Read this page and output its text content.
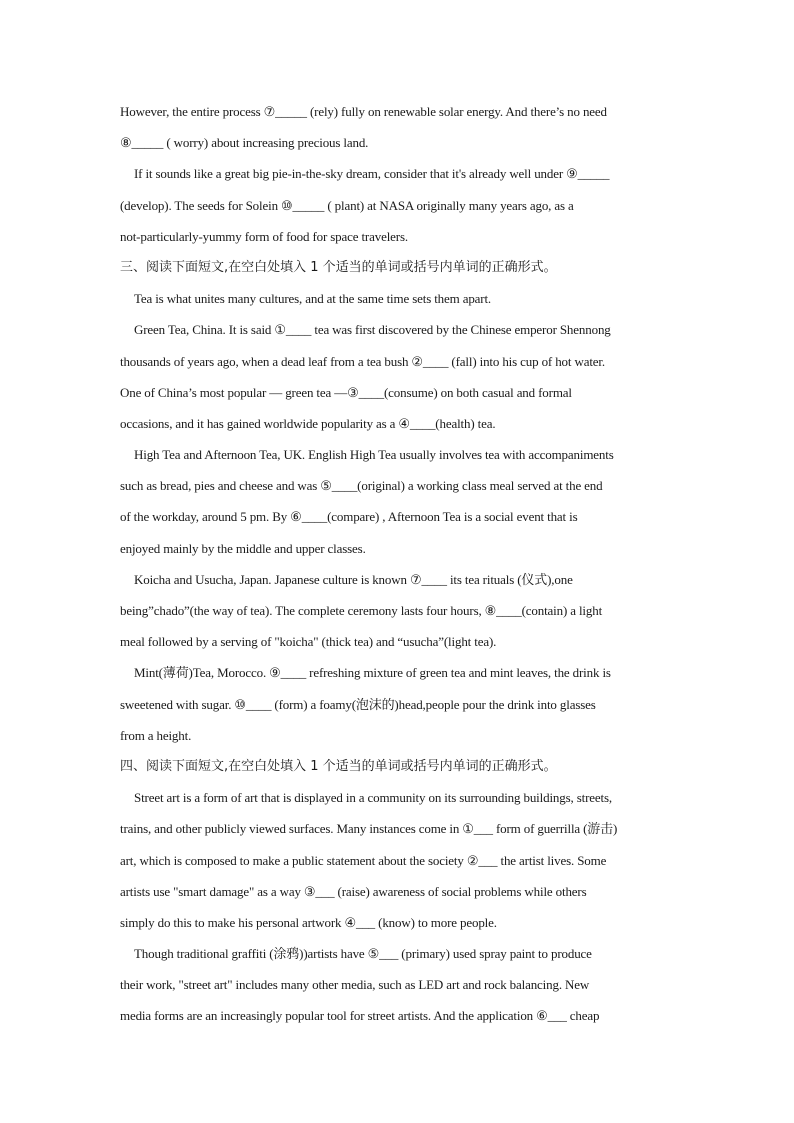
However, the entire process ⑦_____ (rely) fully on renewable solar energy. And there’s no need
⑧_____ ( worry) about increasing precious land.
If it sounds like a great big pie-in-the-sky dream, consider that it's already well under ⑨_____
(develop). The seeds for Solein ⑩_____ ( plant) at NASA originally many years ago, as a
not-particularly-yummy form of food for space travelers.
三、阅读下面短文,在空白处填入 1 个适当的单词或括号内单词的正确形式。
Tea is what unites many cultures, and at the same time sets them apart.
Green Tea, China. It is said ①____ tea was first discovered by the Chinese emperor Shennong
thousands of years ago, when a dead leaf from a tea bush ②____ (fall) into his cup of hot water.
One of China’s most popular — green tea —③____(consume) on both casual and formal
occasions, and it has gained worldwide popularity as a ④____(health) tea.
High Tea and Afternoon Tea, UK. English High Tea usually involves tea with accompaniments
such as bread, pies and cheese and was ⑤____(original) a working class meal served at the end
of the workday, around 5 pm. By ⑥____(compare) , Afternoon Tea is a social event that is
enjoyed mainly by the middle and upper classes.
Koicha and Usucha, Japan. Japanese culture is known ⑦____ its tea rituals (仪式),one
being”chado”(the way of tea). The complete ceremony lasts four hours, ⑧____(contain) a light
meal followed by a serving of "koicha" (thick tea) and “usucha”(light tea).
Mint(薄荷)Tea, Morocco. ⑨____ refreshing mixture of green tea and mint leaves, the drink is
sweetened with sugar. ⑩____ (form) a foamy(泡沫的)head,people pour the drink into glasses
from a height.
四、阅读下面短文,在空白处填入 1 个适当的单词或括号内单词的正确形式。
Street art is a form of art that is displayed in a community on its surrounding buildings, streets,
trains, and other publicly viewed surfaces. Many instances come in ①___ form of guerrilla (游击)
art, which is composed to make a public statement about the society ②___ the artist lives. Some
artists use "smart damage" as a way ③___ (raise) awareness of social problems while others
simply do this to make his personal artwork ④___ (know) to more people.
Though traditional graffiti (涂鸦))artists have ⑤___ (primary) used spray paint to produce
their work, "street art" includes many other media, such as LED art and rock balancing. New
media forms are an increasingly popular tool for street artists. And the application ⑥___ cheap
